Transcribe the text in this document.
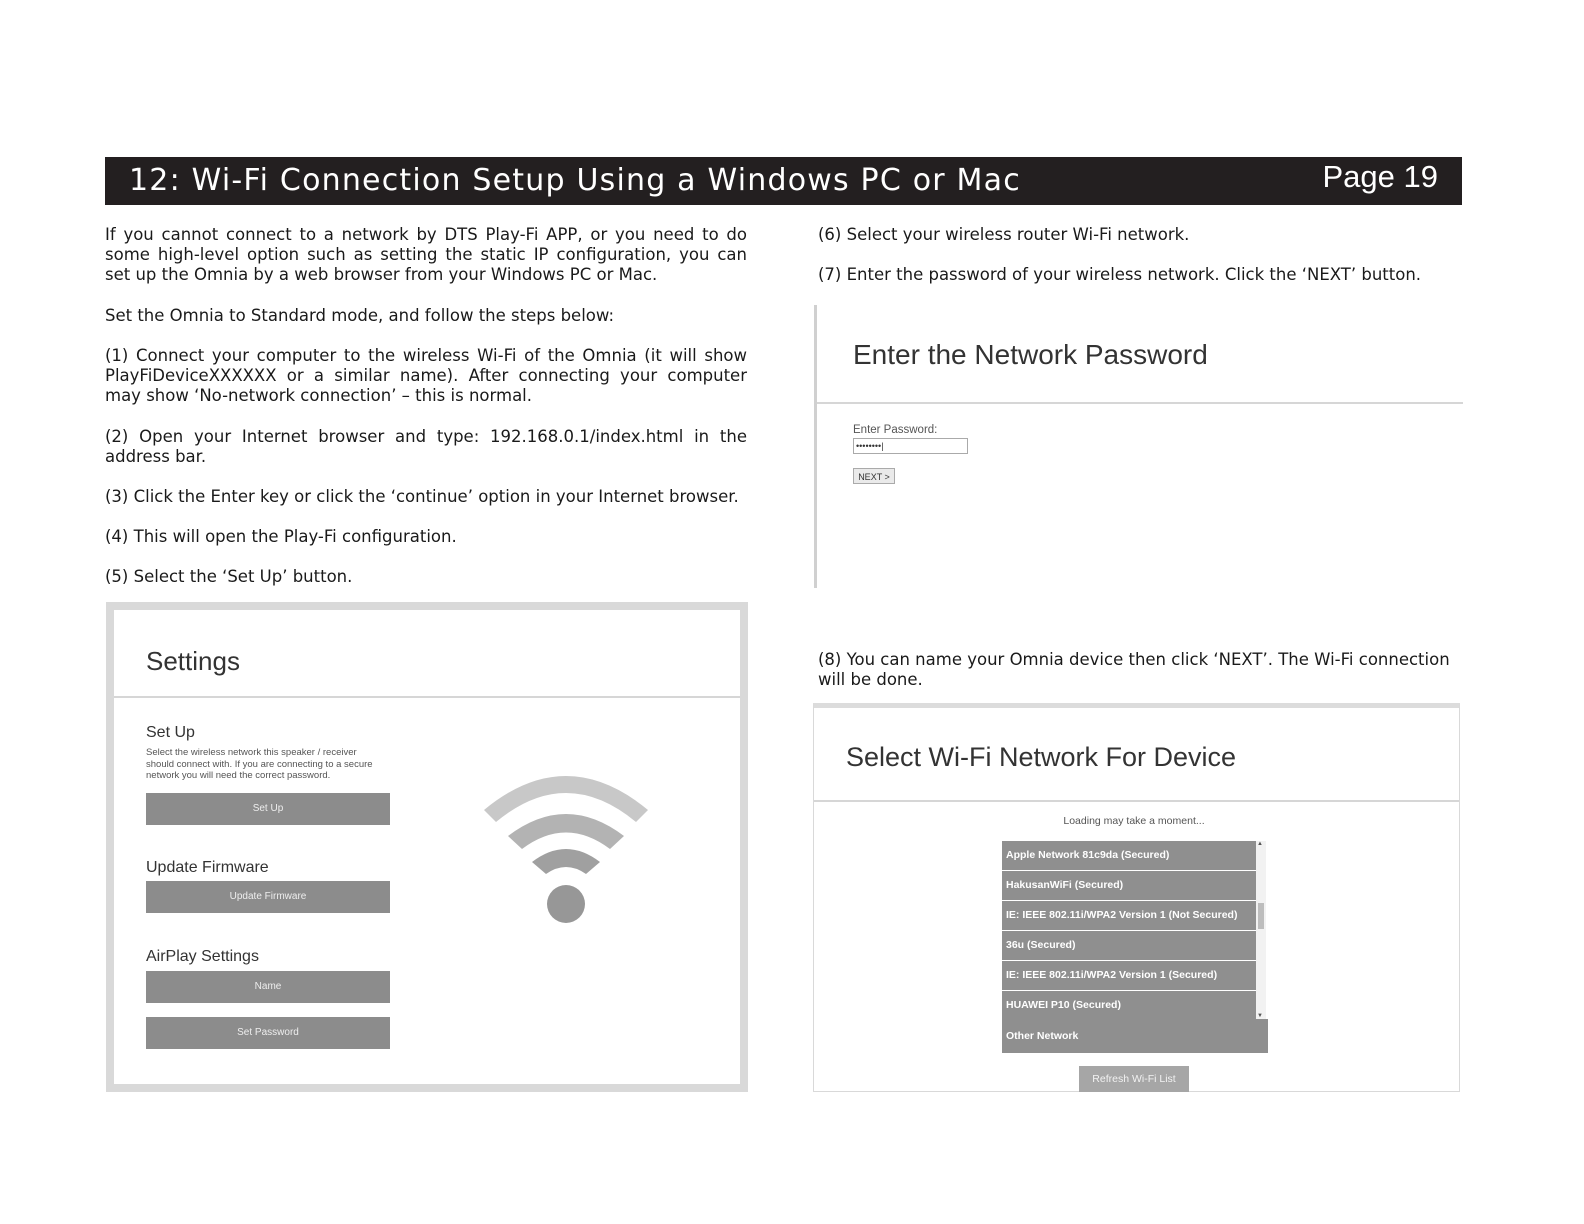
12: Wi-Fi Connection Setup Using a Windows PC or Mac	Page 19

If you cannot connect to a network by DTS Play-Fi APP, or you need to do some high-level option such as setting the static IP configuration, you can set up the Omnia by a web browser from your Windows PC or Mac.

Set the Omnia to Standard mode, and follow the steps below:

(1) Connect your computer to the wireless Wi-Fi of the Omnia (it will show PlayFiDeviceXXXXXX or a similar name). After connecting your computer may show ‘No-network connection’ – this is normal.

(2) Open your Internet browser and type: 192.168.0.1/index.html in the address bar.

(3) Click the Enter key or click the ‘continue’ option in your Internet browser.

(4) This will open the Play-Fi configuration.

(5) Select the ‘Set Up’ button.

Settings
Set Up
Select the wireless network this speaker / receiver should connect with. If you are connecting to a secure network you will need the correct password.
Set Up
Update Firmware
Update Firmware
AirPlay Settings
Name
Set Password

(6) Select your wireless router Wi-Fi network.

(7) Enter the password of your wireless network. Click the ‘NEXT’ button.

Enter the Network Password
Enter Password:
••••••••|
NEXT >

(8) You can name your Omnia device then click ‘NEXT’. The Wi-Fi connection will be done.

Select Wi-Fi Network For Device
Loading may take a moment...
Apple Network 81c9da (Secured)
HakusanWiFi (Secured)
IE: IEEE 802.11i/WPA2 Version 1 (Not Secured)
36u (Secured)
IE: IEEE 802.11i/WPA2 Version 1 (Secured)
HUAWEI P10 (Secured)
▲
▼
Other Network
Refresh Wi-Fi List
